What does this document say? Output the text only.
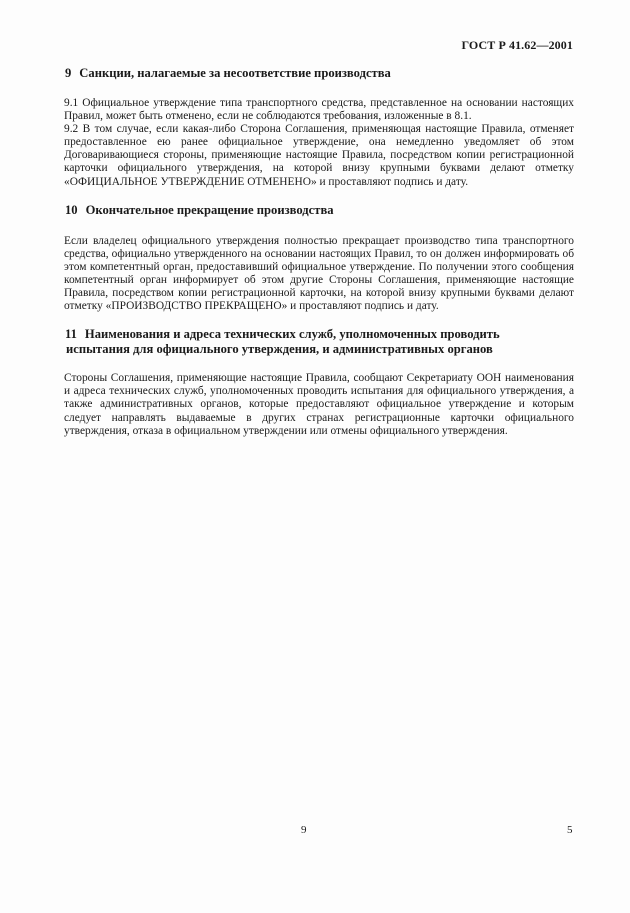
ГОСТ Р 41.62—2001
9 Санкции, налагаемые за несоответствие производства

9.1 Официальное утверждение типа транспортного средства, представленное на основании настоящих Правил, может быть отменено, если не соблюдаются требования, изложенные в 8.1.

9.2 В том случае, если какая-либо Сторона Соглашения, применяющая настоящие Правила, отменяет предоставленное ею ранее официальное утверждение, она немедленно уведомляет об этом Договаривающиеся стороны, применяющие настоящие Правила, посредством копии регистрационной карточки официального утверждения, на которой внизу крупными буквами делают отметку «ОФИЦИАЛЬНОЕ УТВЕРЖДЕНИЕ ОТМЕНЕНО» и проставляют подпись и дату.

10 Окончательное прекращение производства

Если владелец официального утверждения полностью прекращает производство типа транспортного средства, официально утвержденного на основании настоящих Правил, то он должен информировать об этом компетентный орган, предоставивший официальное утверждение. По получении этого сообщения компетентный орган информирует об этом другие Стороны Соглашения, применяющие настоящие Правила, посредством копии регистрационной карточки, на которой внизу крупными буквами делают отметку «ПРОИЗВОДСТВО ПРЕКРАЩЕНО» и проставляют подпись и дату.

11 Наименования и адреса технических служб, уполномоченных проводить
испытания для официального утверждения, и административных органов

Стороны Соглашения, применяющие настоящие Правила, сообщают Секретариату ООН наименования и адреса технических служб, уполномоченных проводить испытания для официального утверждения, а также административных органов, которые предоставляют официальное утверждение и которым следует направлять выдаваемые в других странах регистрационные карточки официального утверждения, отказа в официальном утверждении или отмены официального утверждения.

9	5
